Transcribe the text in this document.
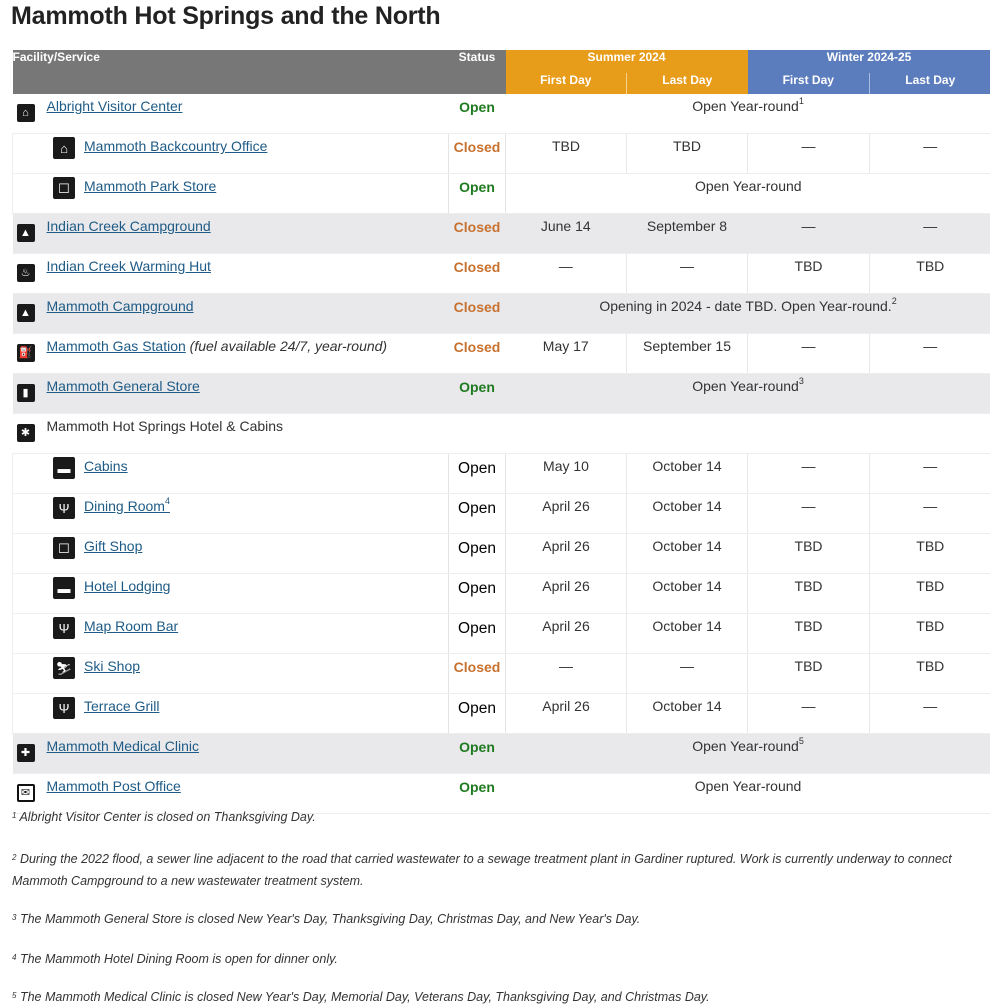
Mammoth Hot Springs and the North
Facility/Service	Status	Summer 2024		Winter 2024-25	
		First Day	Last Day	First Day	Last Day

⌂ Albright Visitor Center	Open	Open Year-round$^1$

⌂ Mammoth Backcountry Office	Closed	TBD	TBD	—	—

☐ Mammoth Park Store	Open	Open Year-round			

▲ Indian Creek Campground	Closed	June 14	September 8	—	—

♨ Indian Creek Warming Hut	Closed	—	—	TBD	TBD

▲ Mammoth Campground	Closed	Opening in 2024 - date TBD. Open Year-round.$^2$

⛽ Mammoth Gas Station (fuel available 24/7, year-round)	Closed	May 17	September 15	—	—

▮ Mammoth General Store	Open	Open Year-round$^3$

✱ Mammoth Hot Springs Hotel & Cabins					

▬ Cabins	Open	May 10	October 14	—	—

Ψ Dining Room$^4$	Open	April 26	October 14	—	—

☐ Gift Shop	Open	April 26	October 14	TBD	TBD

▬ Hotel Lodging	Open	April 26	October 14	TBD	TBD

Ψ Map Room Bar	Open	April 26	October 14	TBD	TBD

⛷ Ski Shop	Closed	—	—	TBD	TBD

Ψ Terrace Grill	Open	April 26	October 14	—	—

✚ Mammoth Medical Clinic	Open	Open Year-round$^5$

✉ Mammoth Post Office	Open	Open Year-round			

$^1$ Albright Visitor Center is closed on Thanksgiving Day.

$^2$ During the 2022 flood, a sewer line adjacent to the road that carried wastewater to a sewage treatment plant in Gardiner ruptured. Work is currently underway to connect Mammoth Campground to a new wastewater treatment system.

$^3$ The Mammoth General Store is closed New Year's Day, Thanksgiving Day, Christmas Day, and New Year's Day.

$^4$ The Mammoth Hotel Dining Room is open for dinner only.

$^5$ The Mammoth Medical Clinic is closed New Year's Day, Memorial Day, Veterans Day, Thanksgiving Day, and Christmas Day.
